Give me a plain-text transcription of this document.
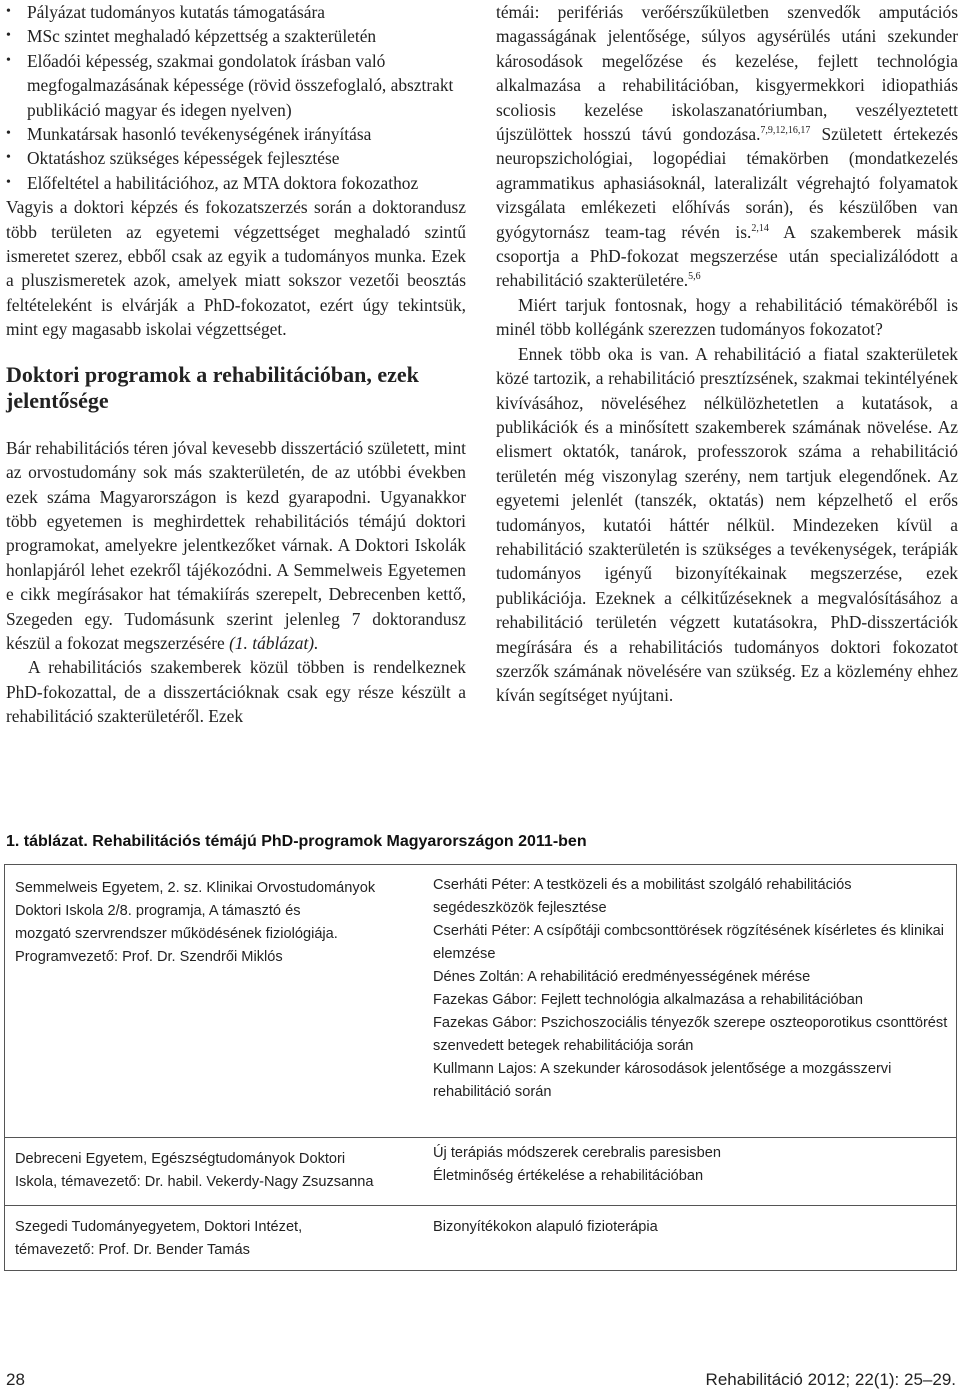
• Pályázat tudományos kutatás támogatására
• MSc szintet meghaladó képzettség a szakterületén
• Előadói képesség, szakmai gondolatok írásban való megfogalmazásának képessége (rövid összefoglaló, absztrakt publikáció magyar és idegen nyelven)
• Munkatársak hasonló tevékenységének irányítása
• Oktatáshoz szükséges képességek fejlesztése
• Előfeltétel a habilitációhoz, az MTA doktora fokozathoz

Vagyis a doktori képzés és fokozatszerzés során a doktorandusz több területen az egyetemi végzettséget meghaladó szintű ismeretet szerez, ebből csak az egyik a tudományos munka. Ezek a pluszismeretek azok, amelyek miatt sokszor vezetői beosztás feltételeként is elvárják a PhD-fokozatot, ezért úgy tekintsük, mint egy magasabb iskolai végzettséget.

Doktori programok a rehabilitációban, ezek jelentősége

Bár rehabilitációs téren jóval kevesebb disszertáció született, mint az orvostudomány sok más szakterületén, de az utóbbi években ezek száma Magyarországon is kezd gyarapodni. Ugyanakkor több egyetemen is meghirdettek rehabilitációs témájú doktori programokat, amelyekre jelentkezőket várnak. A Doktori Iskolák honlapjáról lehet ezekről tájékozódni. A Semmelweis Egyetemen e cikk megírásakor hat témakiírás szerepelt, Debrecenben kettő, Szegeden egy. Tudomásunk szerint jelenleg 7 doktorandusz készül a fokozat megszerzésére (1. táblázat).

A rehabilitációs szakemberek közül többen is rendelkeznek PhD-fokozattal, de a disszertációknak csak egy része készült a rehabilitáció szakterületéről. Ezek

témái: perifériás verőérszűkületben szenvedők amputációs magasságának jelentősége, súlyos agysérülés utáni szekunder károsodások megelőzése és kezelése, fejlett technológia alkalmazása a rehabilitációban, kisgyermekkori idiopathiás scoliosis kezelése iskolaszanatóriumban, veszélyeztetett újszülöttek hosszú távú gondozása.$^{7,9,12,16,17}$ Született értekezés neuropszichológiai, logopédiai témakörben (mondatkezelés agrammatikus aphasiásoknál, lateralizált végrehajtó folyamatok vizsgálata emlékezeti előhívás során), és készülőben van gyógytornász team-tag révén is.$^{2,14}$ A szakemberek másik csoportja a PhD-fokozat megszerzése után specializálódott a rehabilitáció szakterületére.$^{5,6}$

Miért tarjuk fontosnak, hogy a rehabilitáció témaköréből is minél több kollégánk szerezzen tudományos fokozatot?

Ennek több oka is van. A rehabilitáció a fiatal szakterületek közé tartozik, a rehabilitáció presztízsének, szakmai tekintélyének kivívásához, növeléséhez nélkülözhetetlen a kutatások, a publikációk és a minősített szakemberek számának növelése. Az elismert oktatók, tanárok, professzorok száma a rehabilitáció területén még viszonylag szerény, nem tartjuk elegendőnek. Az egyetemi jelenlét (tanszék, oktatás) nem képzelhető el erős tudományos, kutatói háttér nélkül. Mindezeken kívül a rehabilitáció szakterületén is szükséges a tevékenységek, terápiák tudományos igényű bizonyítékainak megszerzése, ezek publikációja. Ezeknek a célkitűzéseknek a megvalósításához a rehabilitáció területén végzett kutatásokra, PhD-disszertációk megírására és a rehabilitációs tudományos doktori fokozatot szerzők számának növelésére van szükség. Ez a közlemény ehhez kíván segítséget nyújtani.

1. táblázat. Rehabilitációs témájú PhD-programok Magyarországon 2011-ben
Semmelweis Egyetem, 2. sz. Klinikai Orvostudományok
Doktori Iskola 2/8. programja, A támasztó és
mozgató szervrendszer működésének fiziológiája.
Programvezető: Prof. Dr. Szendrői Miklós
Cserháti Péter: A testközeli és a mobilitást szolgáló rehabilitációs segédeszközök fejlesztése
Cserháti Péter: A csípőtáji combcsonttörések rögzítésének kísérletes és klinikai elemzése
Dénes Zoltán: A rehabilitáció eredményességének mérése
Fazekas Gábor: Fejlett technológia alkalmazása a rehabilitációban
Fazekas Gábor: Pszichoszociális tényezők szerepe oszteoporotikus csonttörést szenvedett betegek rehabilitációja során
Kullmann Lajos: A szekunder károsodások jelentősége a mozgásszervi rehabilitáció során
Debreceni Egyetem, Egészségtudományok Doktori
Iskola, témavezető: Dr. habil. Vekerdy-Nagy Zsuzsanna
Új terápiás módszerek cerebralis paresisben
Életminőség értékelése a rehabilitációban
Szegedi Tudományegyetem, Doktori Intézet,
témavezető: Prof. Dr. Bender Tamás
Bizonyítékokon alapuló fizioterápia
28	Rehabilitáció 2012; 22(1): 25–29.
